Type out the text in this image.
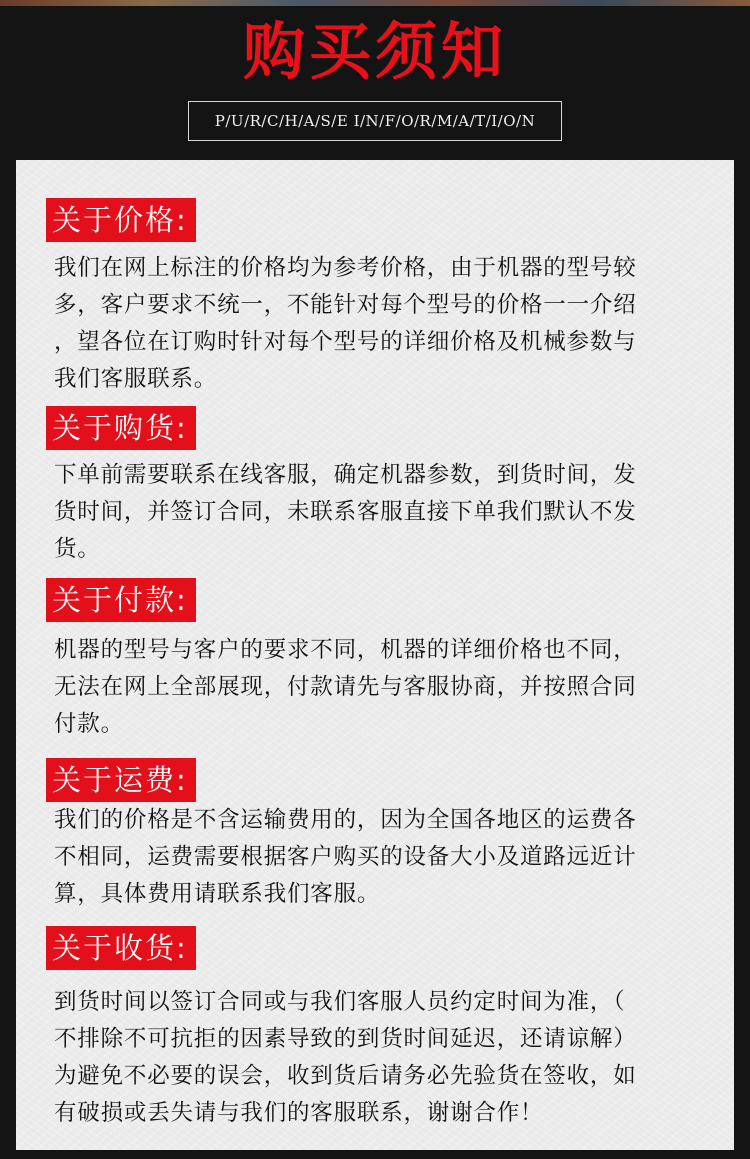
购买须知
P/U/R/C/H/A/S/E I/N/F/O/R/M/A/T/I/O/N
关于价格:

我们在网上标注的价格均为参考价格，由于机器的型号较
多，客户要求不统一，不能针对每个型号的价格一一介绍
，望各位在订购时针对每个型号的详细价格及机械参数与
我们客服联系。

关于购货:

下单前需要联系在线客服，确定机器参数，到货时间，发
货时间，并签订合同，未联系客服直接下单我们默认不发
货。

关于付款:

机器的型号与客户的要求不同，机器的详细价格也不同，
无法在网上全部展现，付款请先与客服协商，并按照合同
付款。

关于运费:

我们的价格是不含运输费用的，因为全国各地区的运费各
不相同，运费需要根据客户购买的设备大小及道路远近计
算，具体费用请联系我们客服。

关于收货:

到货时间以签订合同或与我们客服人员约定时间为准，（
不排除不可抗拒的因素导致的到货时间延迟，还请谅解）
为避免不必要的误会，收到货后请务必先验货在签收，如
有破损或丢失请与我们的客服联系，谢谢合作！
